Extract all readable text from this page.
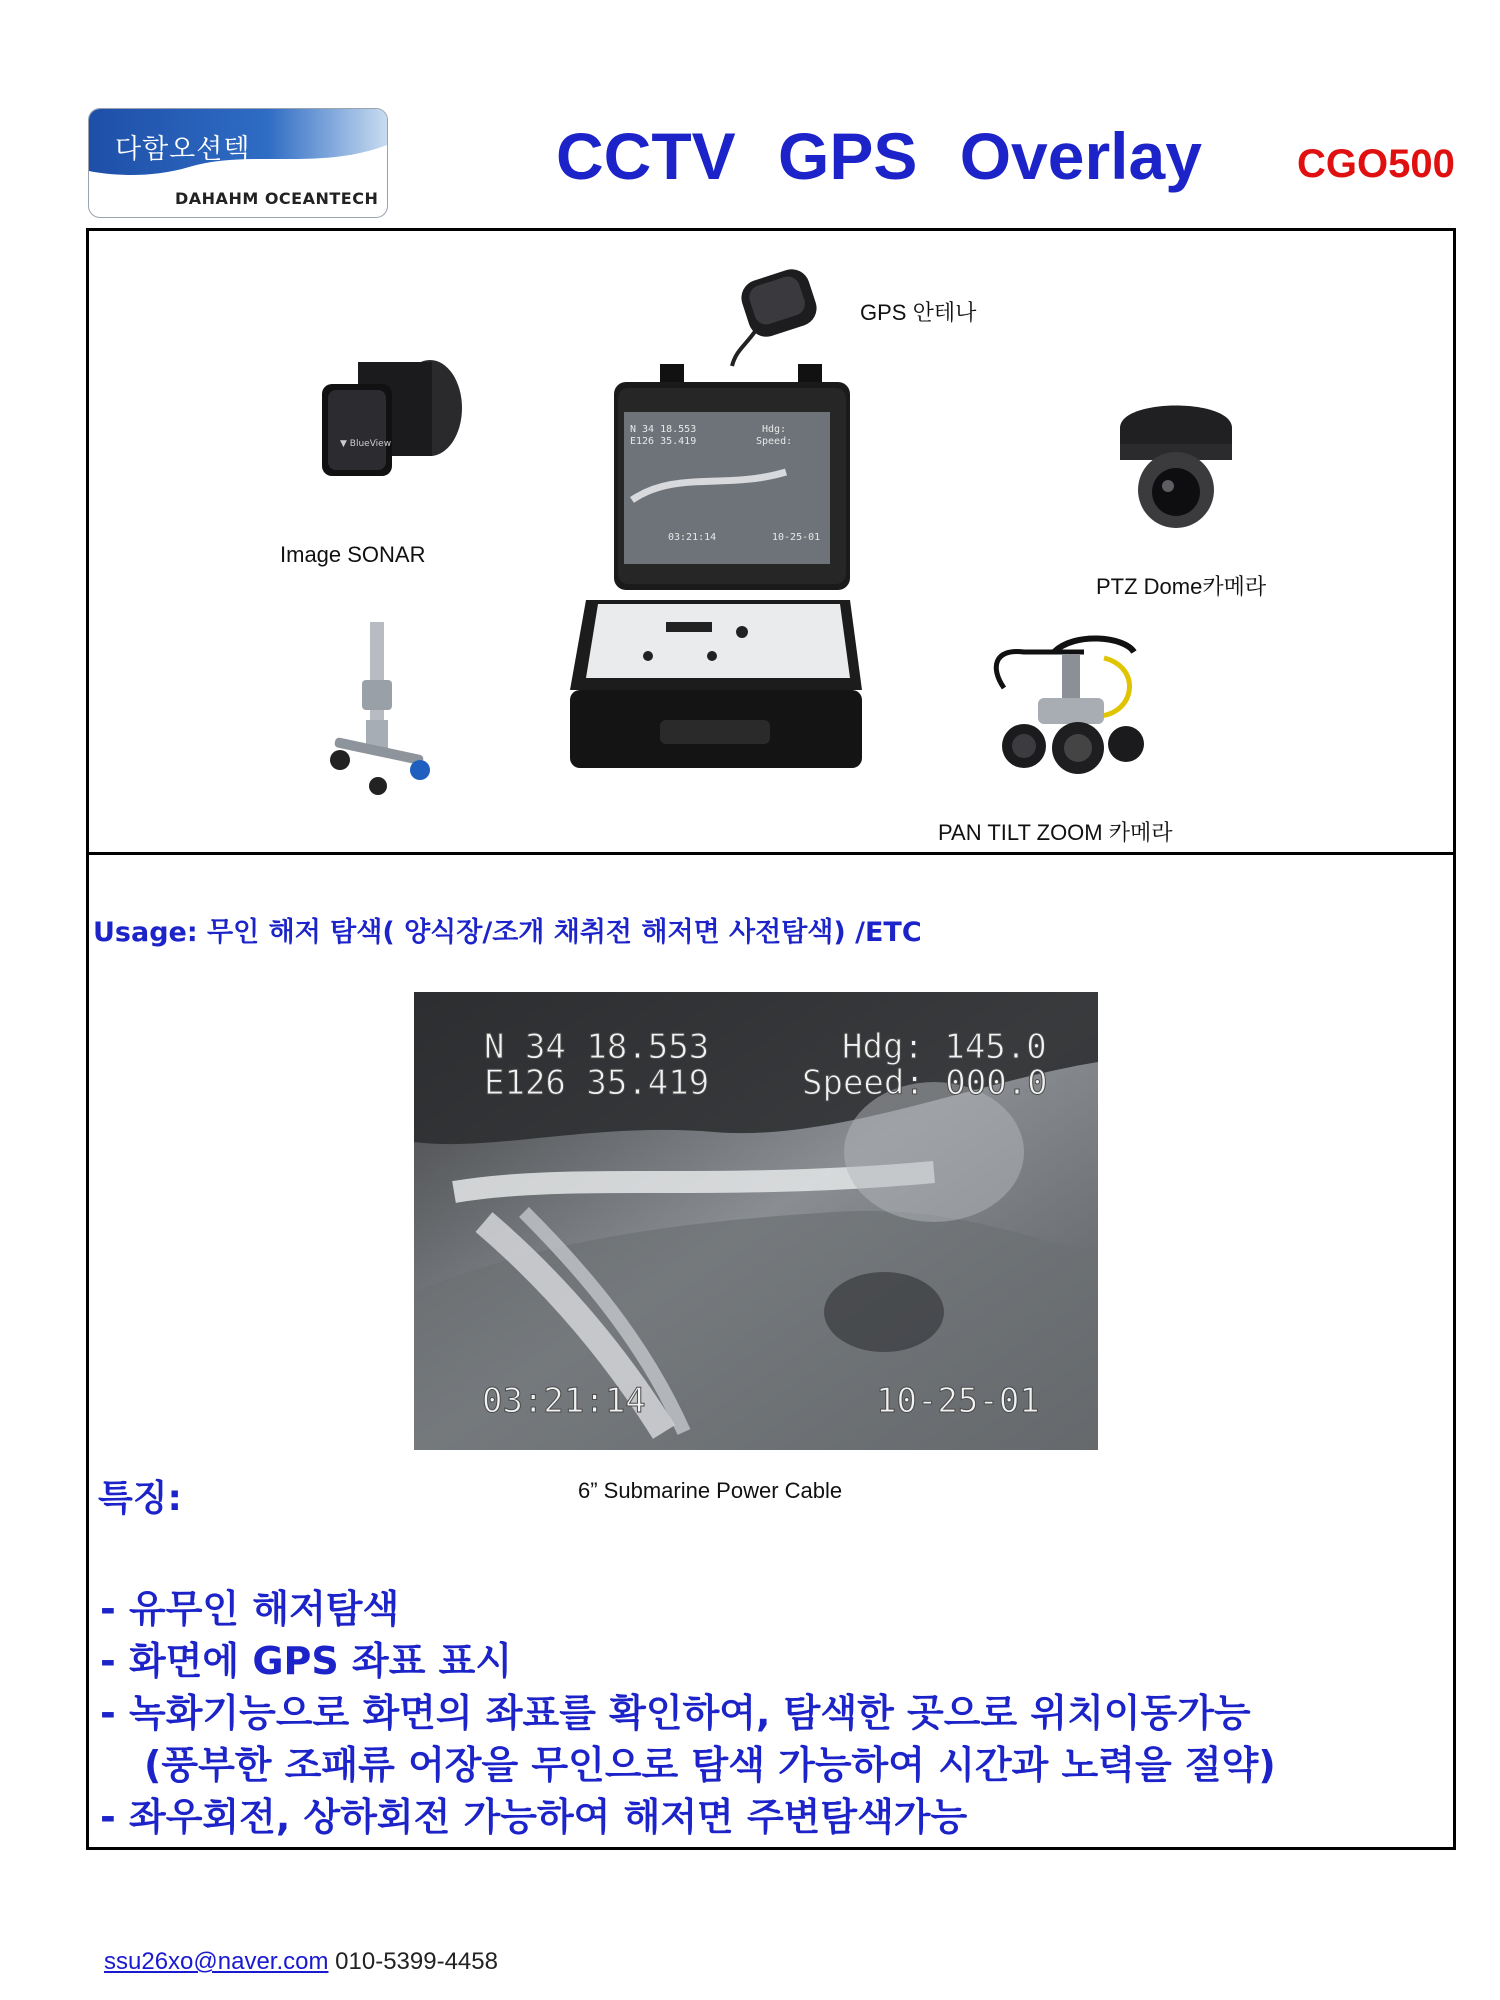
다함오션텍
DAHAHM OCEANTECH
CCTV GPS Overlay CGO500
GPS 안테나
▼ BlueView
Image SONAR
N 34 18.553
E126 35.419
Hdg:
Speed:
03:21:14	10-25-01
PTZ Dome카메라
PAN TILT ZOOM 카메라
Usage: 무인 해저 탐색( 양식장/조개 채취전 해저면 사전탐색) /ETC
N 34 18.553
E126 35.419
Hdg: 145.0
Speed: 000.0
03:21:14	10-25-01
특징:	6” Submarine Power Cable
- 유무인 해저탐색
- 화면에 GPS 좌표 표시
- 녹화기능으로 화면의 좌표를 확인하여, 탐색한 곳으로 위치이동가능
(풍부한 조패류 어장을 무인으로 탐색 가능하여 시간과 노력을 절약)
- 좌우회전, 상하회전 가능하여 해저면 주변탐색가능
ssu26xo@naver.com 010-5399-4458
